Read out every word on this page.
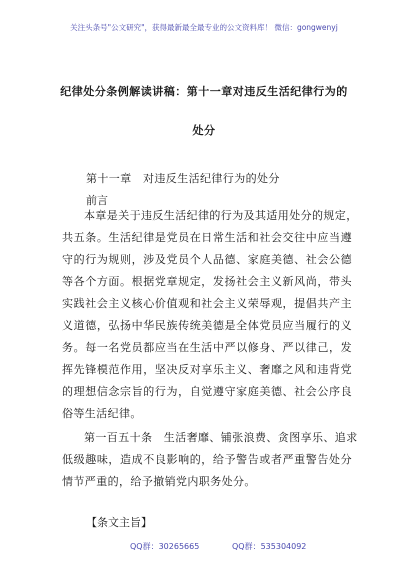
关注头条号"公文研究"，获得最新最全最专业的公文资料库！ 微信：gongwenyj
纪律处分条例解读讲稿：第十一章对违反生活纪律行为的
处分
第十一章　对违反生活纪律行为的处分
前言
本章是关于违反生活纪律的行为及其适用处分的规定，
共五条。生活纪律是党员在日常生活和社会交往中应当遵
守的行为规则，涉及党员个人品德、家庭美德、社会公德
等各个方面。根据党章规定，发扬社会主义新风尚，带头
实践社会主义核心价值观和社会主义荣辱观，提倡共产主
义道德，弘扬中华民族传统美德是全体党员应当履行的义
务。每一名党员都应当在生活中严以修身、严以律己，发
挥先锋模范作用，坚决反对享乐主义、奢靡之风和违背党
的理想信念宗旨的行为，自觉遵守家庭美德、社会公序良
俗等生活纪律。
第一百五十条　生活奢靡、铺张浪费、贪图享乐、追求
低级趣味，造成不良影响的，给予警告或者严重警告处分
情节严重的，给予撤销党内职务处分。
【条文主旨】
QQ群：30265665	QQ群：535304092
